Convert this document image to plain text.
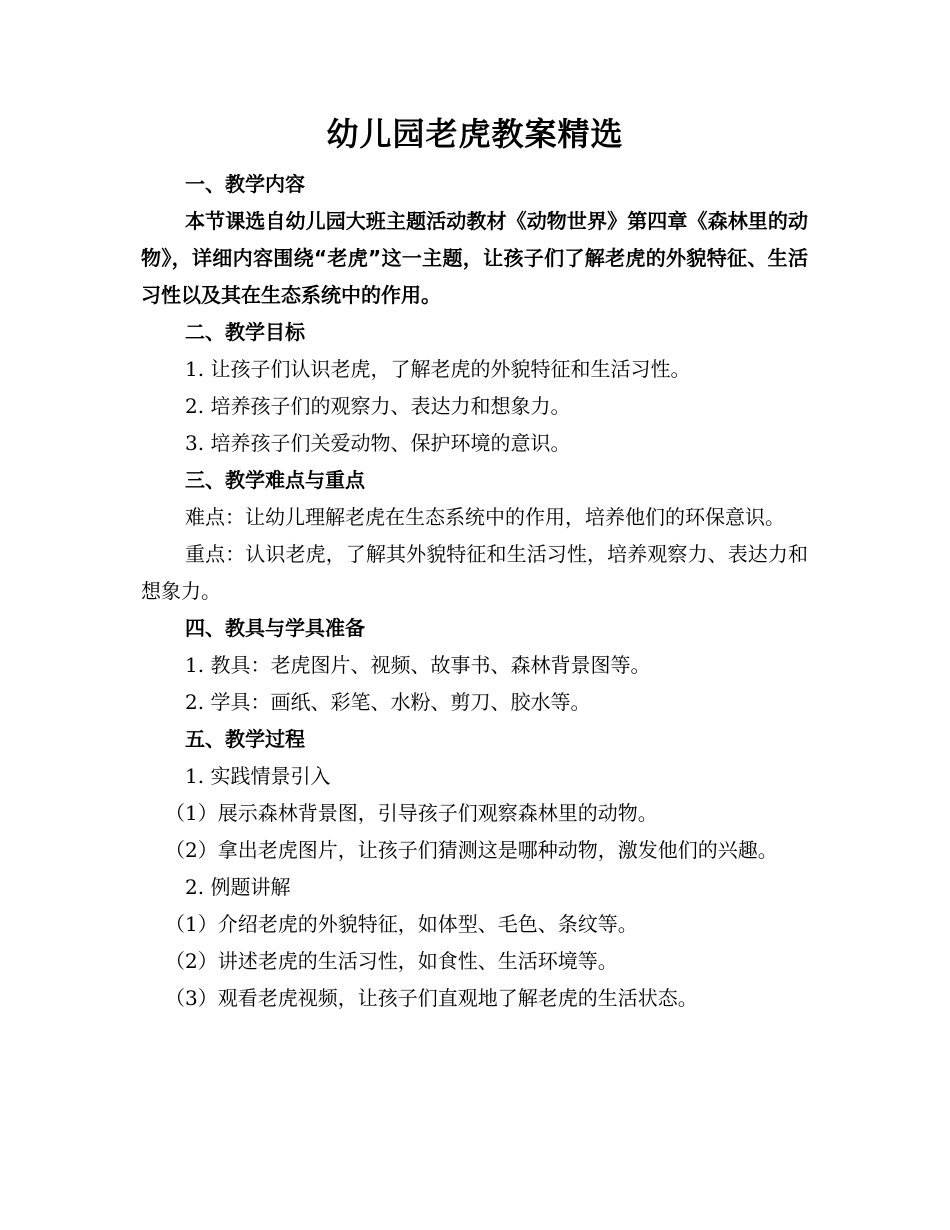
幼儿园老虎教案精选

一、教学内容

本节课选自幼儿园大班主题活动教材《动物世界》第四章《森林里的动物》，详细内容围绕“老虎”这一主题，让孩子们了解老虎的外貌特征、生活习性以及其在生态系统中的作用。

二、教学目标

1. 让孩子们认识老虎，了解老虎的外貌特征和生活习性。

2. 培养孩子们的观察力、表达力和想象力。

3. 培养孩子们关爱动物、保护环境的意识。

三、教学难点与重点

难点：让幼儿理解老虎在生态系统中的作用，培养他们的环保意识。

重点：认识老虎，了解其外貌特征和生活习性，培养观察力、表达力和想象力。

四、教具与学具准备

1. 教具：老虎图片、视频、故事书、森林背景图等。

2. 学具：画纸、彩笔、水粉、剪刀、胶水等。

五、教学过程

1. 实践情景引入

（1）展示森林背景图，引导孩子们观察森林里的动物。

（2）拿出老虎图片，让孩子们猜测这是哪种动物，激发他们的兴趣。

2. 例题讲解

（1）介绍老虎的外貌特征，如体型、毛色、条纹等。

（2）讲述老虎的生活习性，如食性、生活环境等。

（3）观看老虎视频，让孩子们直观地了解老虎的生活状态。
